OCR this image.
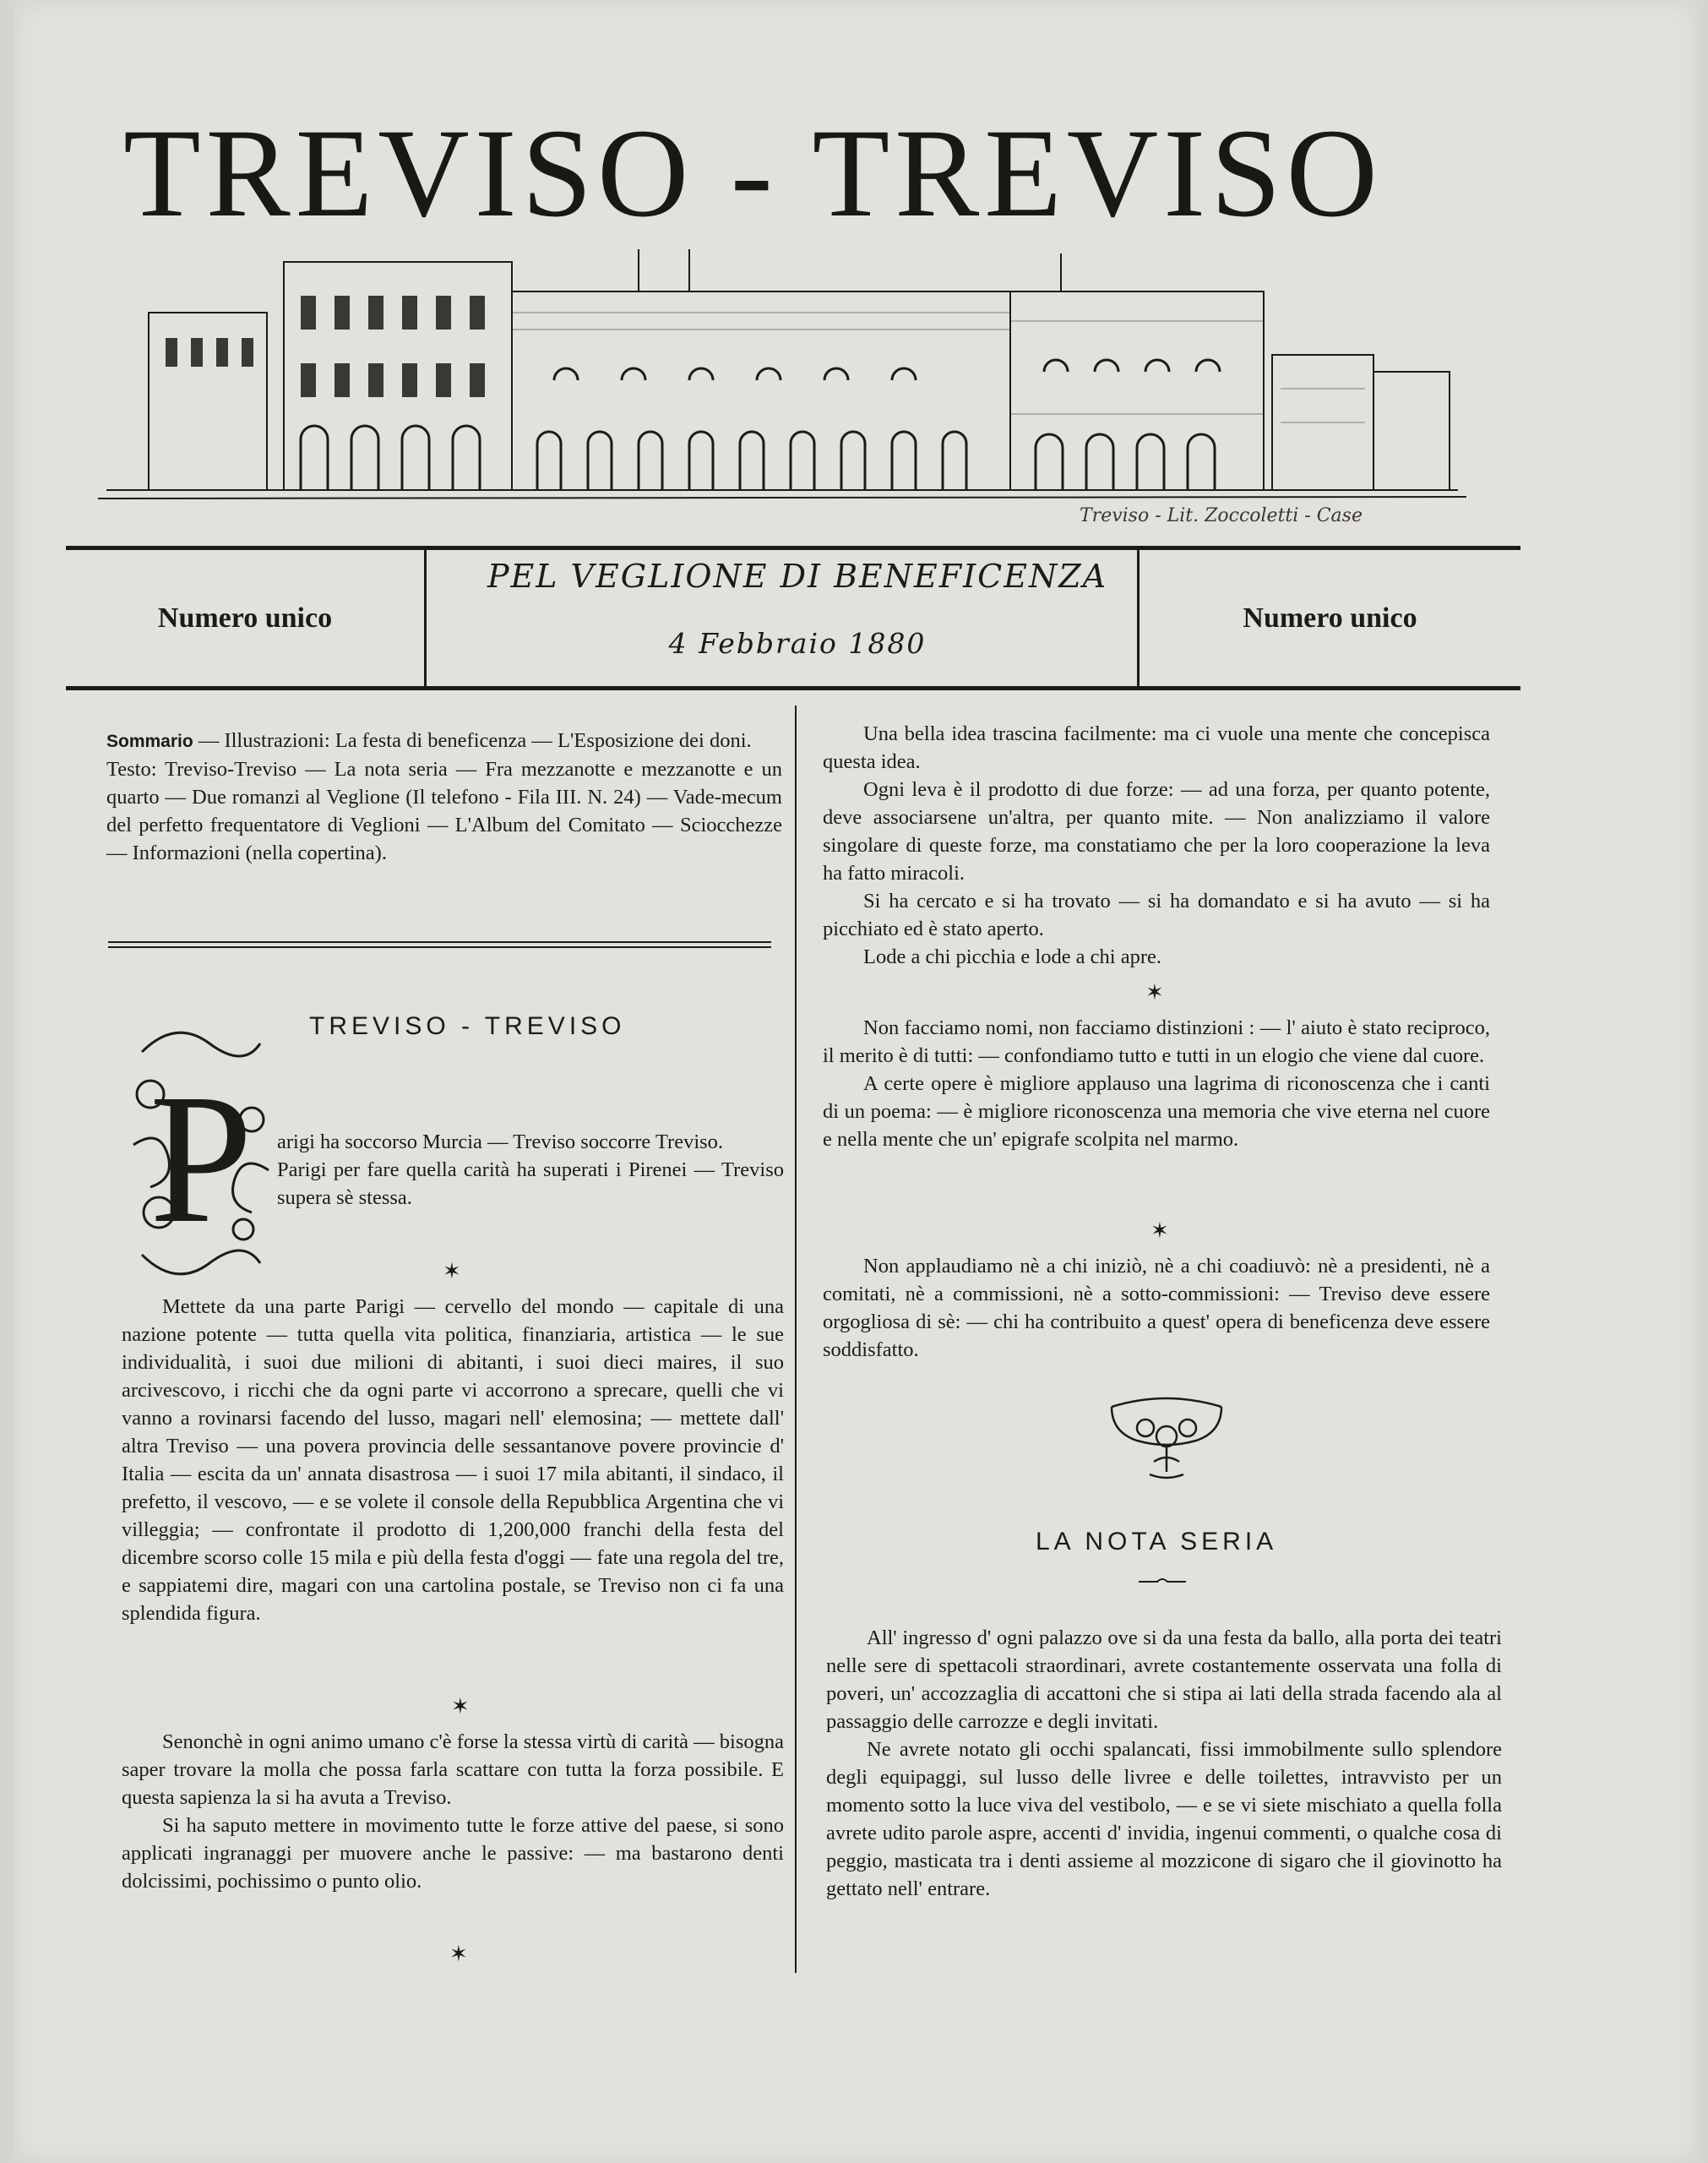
TREVISO - TREVISO
Treviso - Lit. Zoccoletti - Case
Numero unico	Numero unico
PEL VEGLIONE DI BENEFICENZA
4 Febbraio 1880
Sommario — Illustrazioni: La festa di beneficenza — L'Esposizione dei doni.
Testo: Treviso-Treviso — La nota seria — Fra mezzanotte e mezzanotte e un quarto — Due romanzi al Veglione (Il telefono - Fila III. N. 24) — Vade-mecum del perfetto frequentatore di Veglioni — L'Album del Comitato — Sciocchezze — Informazioni (nella copertina).
TREVISO - TREVISO
P arigi ha soccorso Murcia — Treviso soccorre Treviso.

Parigi per fare quella carità ha superati i Pirenei — Treviso supera sè stessa.

✶

Mettete da una parte Parigi — cervello del mondo — capitale di una nazione potente — tutta quella vita politica, finanziaria, artistica — le sue individualità, i suoi due milioni di abitanti, i suoi dieci maires, il suo arcivescovo, i ricchi che da ogni parte vi accorrono a sprecare, quelli che vi vanno a rovinarsi facendo del lusso, magari nell' elemosina; — mettete dall' altra Treviso — una povera provincia delle sessantanove povere provincie d' Italia — escita da un' annata disastrosa — i suoi 17 mila abitanti, il sindaco, il prefetto, il vescovo, — e se volete il console della Repubblica Argentina che vi villeggia; — confrontate il prodotto di 1,200,000 franchi della festa del dicembre scorso colle 15 mila e più della festa d'oggi — fate una regola del tre, e sappiatemi dire, magari con una cartolina postale, se Treviso non ci fa una splendida figura.

✶

Senonchè in ogni animo umano c'è forse la stessa virtù di carità — bisogna saper trovare la molla che possa farla scattare con tutta la forza possibile. E questa sapienza la si ha avuta a Treviso.

Si ha saputo mettere in movimento tutte le forze attive del paese, si sono applicati ingranaggi per muovere anche le passive: — ma bastarono denti dolcissimi, pochissimo o punto olio.

✶

Una bella idea trascina facilmente: ma ci vuole una mente che concepisca questa idea.

Ogni leva è il prodotto di due forze: — ad una forza, per quanto potente, deve associarsene un'altra, per quanto mite. — Non analizziamo il valore singolare di queste forze, ma constatiamo che per la loro cooperazione la leva ha fatto miracoli.

Si ha cercato e si ha trovato — si ha domandato e si ha avuto — si ha picchiato ed è stato aperto.

Lode a chi picchia e lode a chi apre.

✶

Non facciamo nomi, non facciamo distinzioni : — l' aiuto è stato reciproco, il merito è di tutti: — confondiamo tutto e tutti in un elogio che viene dal cuore.

A certe opere è migliore applauso una lagrima di riconoscenza che i canti di un poema: — è migliore riconoscenza una memoria che vive eterna nel cuore e nella mente che un' epigrafe scolpita nel marmo.

✶

Non applaudiamo nè a chi iniziò, nè a chi coadiuvò: nè a presidenti, nè a comitati, nè a commissioni, nè a sotto-commissioni: — Treviso deve essere orgogliosa di sè: — chi ha contribuito a quest' opera di beneficenza deve essere soddisfatto.

LA NOTA SERIA

All' ingresso d' ogni palazzo ove si da una festa da ballo, alla porta dei teatri nelle sere di spettacoli straordinari, avrete costantemente osservata una folla di poveri, un' accozzaglia di accattoni che si stipa ai lati della strada facendo ala al passaggio delle carrozze e degli invitati.

Ne avrete notato gli occhi spalancati, fissi immobilmente sullo splendore degli equipaggi, sul lusso delle livree e delle toilettes, intravvisto per un momento sotto la luce viva del vestibolo, — e se vi siete mischiato a quella folla avrete udito parole aspre, accenti d' invidia, ingenui commenti, o qualche cosa di peggio, masticata tra i denti assieme al mozzicone di sigaro che il giovinotto ha gettato nell' entrare.
